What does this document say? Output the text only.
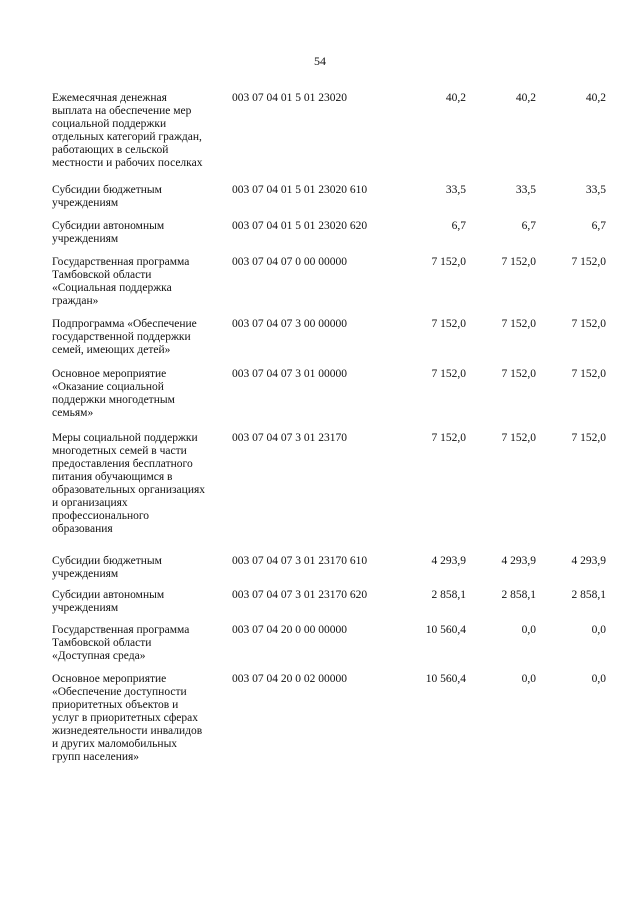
54
Ежемесячная денежная
выплата на обеспечение мер
социальной поддержки
отдельных категорий граждан,
работающих в сельской
местности и рабочих поселках
003 07 04 01 5 01 23020	40,2	40,2	40,2
Субсидии бюджетным
учреждениям
003 07 04 01 5 01 23020 610	33,5	33,5	33,5
Субсидии автономным
учреждениям
003 07 04 01 5 01 23020 620	6,7	6,7	6,7
Государственная программа
Тамбовской области
«Социальная поддержка
граждан»
003 07 04 07 0 00 00000	7 152,0	7 152,0	7 152,0
Подпрограмма «Обеспечение
государственной поддержки
семей, имеющих детей»
003 07 04 07 3 00 00000	7 152,0	7 152,0	7 152,0
Основное мероприятие
«Оказание социальной
поддержки многодетным
семьям»
003 07 04 07 3 01 00000	7 152,0	7 152,0	7 152,0
Меры социальной поддержки
многодетных семей в части
предоставления бесплатного
питания обучающимся в
образовательных организациях
и организациях
профессионального
образования
003 07 04 07 3 01 23170	7 152,0	7 152,0	7 152,0
Субсидии бюджетным
учреждениям
003 07 04 07 3 01 23170 610	4 293,9	4 293,9	4 293,9
Субсидии автономным
учреждениям
003 07 04 07 3 01 23170 620	2 858,1	2 858,1	2 858,1
Государственная программа
Тамбовской области
«Доступная среда»
003 07 04 20 0 00 00000	10 560,4	0,0	0,0
Основное мероприятие
«Обеспечение доступности
приоритетных объектов и
услуг в приоритетных сферах
жизнедеятельности инвалидов
и других маломобильных
групп населения»
003 07 04 20 0 02 00000	10 560,4	0,0	0,0
